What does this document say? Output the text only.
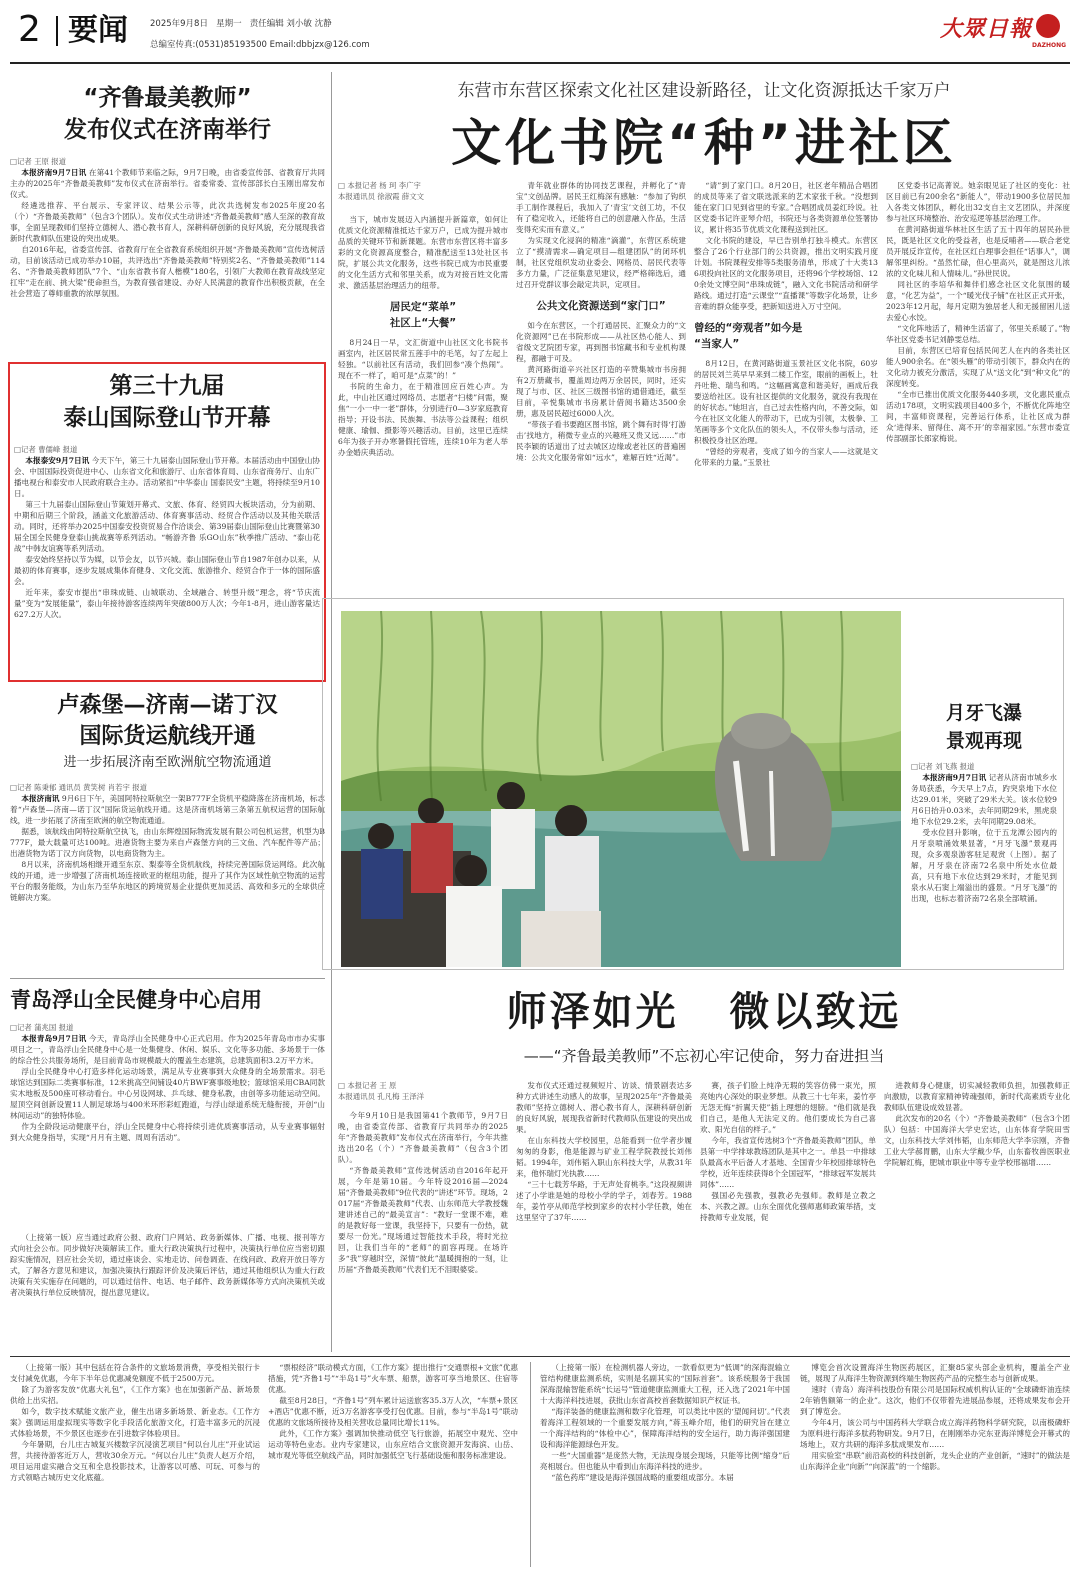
2 要闻	2025年9月8日 星期一 责任编辑 刘小敏 沈静
总编室传真:(0531)85193500 Email:dbbjzx@126.com
大眾日報
DAZHONG
“齐鲁最美教师”
发布仪式在济南举行
□记者 王原 报道

本报济南9月7日讯 在第41个教师节来临之际，9月7日晚，由省委宣传部、省教育厅共同主办的2025年“齐鲁最美教师”发布仪式在济南举行。省委常委、宣传部部长白玉刚出席发布仪式。

经遴选推荐、平台展示、专家评议、结果公示等，此次共选树发布2025年度20名（个）“齐鲁最美教师”（包含3个团队）。发布仪式生动讲述“齐鲁最美教师”感人至深的教育故事，全面呈现教师们坚持立德树人、潜心教书育人，深耕科研创新的良好风貌，充分展现我省新时代教师队伍建设的突出成果。

自2016年起，省委宣传部、省教育厅在全省教育系统组织开展“齐鲁最美教师”宣传选树活动，目前该活动已成功举办10届，共评选出“齐鲁最美教师”特别奖2名、“齐鲁最美教师”114名、“齐鲁最美教师团队”7个、“山东省教书育人楷模”180名，引领广大教师在教育战线坚定扛牢“走在前、挑大梁”使命担当，为教育强省建设、办好人民满意的教育作出积极贡献，在全社会营造了尊师重教的浓厚氛围。

第三十九届
泰山国际登山节开幕
□记者 曹儒峰 报道

本报泰安9月7日讯 今天下午，第三十九届泰山国际登山节开幕。本届活动由中国登山协会、中国国际投资促进中心、山东省文化和旅游厅、山东省体育局、山东省商务厅、山东广播电视台和泰安市人民政府联合主办。活动紧扣“中华泰山 国泰民安”主题，将持续至9月10日。

第三十九届泰山国际登山节策划开幕式、文旅、体育、经贸四大板块活动，分为前期、中期和后期三个阶段，涵盖文化旅游活动、体育赛事活动、经贸合作活动以及其他关联活动。同时，还将举办2025中国泰安投资贸易合作洽谈会、第39届泰山国际登山比赛暨第30届全国全民健身登泰山挑战赛等系列活动。“畅游齐鲁 乐GO山东”秋季推广活动、“泰山花战”中韩友谊赛等系列活动。

泰安始终坚持以节为媒，以节会友，以节兴城。泰山国际登山节自1987年创办以来，从最初的体育赛事，逐步发展成集体育健身、文化交流、旅游推介、经贸合作于一体的国际盛会。

近年来，泰安市提出“串珠成链、山城联动、全域融合、转型升级”理念，将“节庆流量”变为“发展能量”，泰山年接待游客连续两年突破800万人次；今年1-8月，进山游客量达627.2万人次。

卢森堡—济南—诺丁汉
国际货运航线开通
进一步拓展济南至欧洲航空物流通道
□记者 陈秉郁 通讯员 黄笑树 肖若宇 报道

本报济南讯 9月6日下午，美国阿特拉斯航空一架B777F全货机平稳降落在济南机场，标志着“卢森堡—济南—诺丁汉”国际货运航线开通。这是济南机场第三条第五航权运营的国际航线，进一步拓展了济南至欧洲的航空物流通道。

据悉，该航线由阿特拉斯航空执飞，由山东辉煌国际物流发展有限公司包机运营，机型为B777F，最大载量可达100吨。进港货物主要为来自卢森堡方向的三文鱼、汽车配件等产品；出港货物为诺丁汉方向货物，以电商货物为主。

8月以来，济南机场相继开通至东京、梨泰等全货机航线，持续完善国际货运网络。此次航线的开通，进一步增强了济南机场连接欧亚的枢纽功能，提升了其作为区域性航空物流的运营平台的服务能级，为山东乃至华东地区的跨境贸易企业提供更加灵活、高效和多元的全球供应链解决方案。

青岛浮山全民健身中心启用
□记者 蒲兆国 报道

本报青岛9月7日讯 今天，青岛浮山全民健身中心正式启用。作为2025年青岛市市办实事项目之一，青岛浮山全民健身中心是一处集健身、休闲、娱乐、文化等多功能、多场景于一体的综合性公共服务场所，是目前青岛市规模最大的覆盖生态建筑，总建筑面积3.2万平方米。

浮山全民健身中心打造多样化运动场景，满足从专业赛事到大众健身的全场景需求。羽毛球馆达到国际二类赛事标准，12米挑高空间铺设40片BWF赛事级地胶；篮球馆采用CBA同款实木地板及500座可移动看台。中心另设网球、乒乓球、健身私教，由创等多功能运动空间。屋顶空间创新设置11人制足球场与400米环形彩虹跑道，与浮山绿道系统无缝衔接，开创“山林间运动”的独特体验。

作为全龄段运动健康平台，浮山全民健身中心将持续引进优质赛事活动，从专业赛事辐射到大众健身指导，实现“月月有主题、周周有活动”。

（上接第一版）应当通过政府公报、政府门户网站、政务新媒体、广播、电视、报刊等方式向社会公布。同步做好决策解读工作。重大行政决策执行过程中，决策执行单位应当密切跟踪实施情况，回应社会关切，通过座谈会、实地走访、问卷调查、在线问政、政府开放日等方式，了解各方意见和建议，加强决策执行跟踪评价及决策后评估，通过其他组织认为重大行政决策有关实施存在问题的，可以通过信件、电话、电子邮件、政务新媒体等方式向决策机关或者决策执行单位反映情况，提出意见建议。

东营市东营区探索文化社区建设新路径，让文化资源抵达千家万户
文化书院“种”进社区
□ 本报记者 杨 珂 李广宇
本报通讯员 徐淑霞 薛文文

当下，城市发展迈入内涵提升新篇章，如何让优质文化资源精准抵达千家万户，已成为提升城市品质的关键环节和新课题。东营市东营区将丰富多彩的文化资源高度整合，精准配送至13处社区书院，扩展公共文化服务，这些书院已成为市民重要的文化生活方式和邻里关系，成为对接百姓文化需求、激活基层治理活力的纽带。

居民定“菜单”
社区上“大餐”

8月24日一早，文汇街道中山社区文化书院书画室内，社区居民常五莲手中的毛笔，勾了左起上轻独。“以前社区有活动，我们回参“凑个热闹”。现在不一样了，咱可是“点菜”的！”

书院的生命力，在于精准回应百姓心声。为此，中山社区通过网络员、志愿者“扫楼”问需，聚焦“一小一中一老”群体，分别进行0—3岁家庭教育指导；开设书法、民族舞、书法等公益课程；组织健康、瑜伽、摄影等兴趣活动。目前，这里已连续6年为孩子开办寒暑假托管班，连续10年为老人举办金婚庆典活动。

青年就业群体的协同技艺课程，并孵化了“青宝”文创品牌。居民王红梅深有感触：“参加了钩织手工制作课程后，我加入了‘青宝’文创工坊，不仅有了稳定收入，还能将自己的创意融入作品，生活变得充实而有意义。”

为实现文化浸润的精准“滴灌”，东营区系统建立了“摸清需求—确定项目—组建团队”的闭环机制，社区党组织发动业委会、网格员、居民代表等多方力量，广泛征集意见建议，经严格筛选后，通过召开党群议事会敲定共识，定项目。

公共文化资源送到“家门口”

如今在东营区，一个打通居民、汇聚众力的“文化资源网”已在书院形成——从社区热心能人、到省级文艺院团专家，再到图书馆藏书和专业机构课程，都融于可及。

黄河路街道辛兴社区打造的辛赞集城市书房拥有2万册藏书，覆盖周边两万余居民，同时，还实现了与市、区、社区三级图书馆的通借通还，截至目前，辛悦集城市书房累计借阅书籍达3500余册，惠及居民超过6000人次。

“带孩子看书要跑区图书馆，跳个舞有时得‘打游击’找地方，稍微专业点的兴趣班又贵又远……”市民李颖的话道出了过去城区边缘或老社区的普遍困境：公共文化服务常如“远水”，难解百姓“近渴”。

“请”到了家门口。8月20日，社区老年精品合唱团的成员等来了省文联选派来的艺术家张千秋。“没想到能在家门口见到省里的专家。”合唱团成员姜红玲说。社区党委书记许亚琴介绍，书院还与各类资源单位签署协议，累计将35节优质文化课程送到社区。

文化书院的建设，早已告别单打独斗模式。东营区整合了26个行业部门的公共资源，推出文明实践月度计划。书院课程安排等5类服务清单，形成了十大类136项投向社区的文化服务项目，还将96个学校场馆、120余处文博空间“串珠成链”，融入文化书院活动和研学路线。通过打造“云课堂”“直播课”等数字化场景，让乡音难的群众能享受，把新知送进入万寸空间。

曾经的“旁观者”如今是
“当家人”

8月12日，在黄河路街道玉景社区文化书院，60岁的居民刘兰英早早来到二楼工作室，眼前的画板上，牡丹吐艳、瑞鸟和鸣。“这幅画寓意和谐美好，画成后我要送给社区。设有社区提供的文化服务，就没有我现在的好状态。”她坦言，自己过去性格内向，不善交际，如今在社区文化能人的带动下，已成为引领，太极拳、工笔画等多个文化队伍的领头人，不仅带头参与活动，还积极投身社区治理。

“曾经的旁观者，变成了如今的当家人——这就是文化带来的力量。”玉景社

区党委书记高菁说。她亲眼见证了社区的变化：社区目前已有200余名“新能人”，带动1900多位居民加入各类文体团队，孵化出32支自主文艺团队，并深度参与社区环境整治、治安巡逻等基层治理工作。

在黄河路街道华林社区生活了五十四年的居民孙世民，既是社区文化的受益者，也是反哺者——联合老党员开展反诈宣传，在社区红白理事会担任“话事人”，调解邻里纠纷。“虽然忙碌，但心里高兴，就是图这儿浓浓的文化味儿和人情味儿。”孙世民说。

同社区的李培华和舞伴们感念社区文化氛围的暖意，“化艺为益”，一个“暖光伐子铺”在社区正式开张，2023年12月起，每月定期为独居老人和无援留困儿送去爱心水饺。

“文化阵地活了，精神生活富了，邻里关系暖了。”物华社区党委书记刘静雯总结。

目前，东营区已培育包括民间艺人在内的各类社区能人900余名。在“领头雁”的带动引领下，群众内在的文化动力被充分激活，实现了从“送文化”到“种文化”的深度转变。

“全市已推出优质文化服务440多项，文化惠民重点活动178项，文明实践项目400多个，不断优化阵地空间，丰富师资课程，完善运行体系，让社区成为群众‘进得来、留得住、离不开’的幸福家园。”东营市委宣传部副部长郎家梅说。

月牙飞瀑
景观再现
□记者 刘飞燕 报道

本报济南9月7日讯 记者从济南市城乡水务局获悉，今天早上7点，趵突泉地下水位达29.01米，突破了29米大关。该水位较9月6日抬升0.03米，去年同期29米，黑虎泉地下水位29.2米，去年同期29.08米。

受水位回升影响，位于五龙潭公园内的月牙泉喷涌效果显著，“月牙飞瀑”景观再现，众多观泉游客驻足观赏（上图）。据了解，月牙泉在济南72名泉中所处水位最高，只有地下水位达到29米时，才能见到泉水从石窦上端溢出的盛景。“月牙飞瀑”的出现，也标志着济南72名泉全部喷涌。

师泽如光 微以致远
——“齐鲁最美教师”不忘初心牢记使命，努力奋进担当
□ 本报记者 王 原
本报通讯员 孔凡梅 王泽洋

今年9月10日是我国第41个教师节，9月7日晚，由省委宣传部、省教育厅共同举办的2025年“齐鲁最美教师”发布仪式在济南举行，今年共推选出20名（个）“齐鲁最美教师”（包含3个团队）。

“齐鲁最美教师”宣传选树活动自2016年起开展，今年是第10届。今年特设2016届—2024届“齐鲁最美教师”9位代表的“讲述”环节。现场，2017届“齐鲁最美教师”代表、山东师范大学教授魏建讲述自己的“最美宣言”：“教好一堂课不难，难的是教好每一堂课，我坚持下，只要有一份热，就要尽一份光。”现场通过智能技术手段，将时光拉回，让我们当年的“老师”的面容再现。在场许多“我”穿越时空，深情“彼此”温暖拥抱的一刻，让历届“齐鲁最美教师”代表们无不泪眼婆娑。

发布仪式还通过视频短片、访谈、情景剧表达多种方式讲述生动感人的故事，呈现2025年“齐鲁最美教师”坚持立德树人、潜心教书育人，深耕科研创新的良好风貌，展现我省新时代教师队伍建设的突出成果。

在山东科技大学校园里，总能看到一位学者步履匆匆的身影，他是能源与矿业工程学院教授长刘伟韬。1994年，刘伟韬入职山东科技大学，从教31年来，他怀瑞灯光执教……

“三十七载芳华路，于无声处育桃李。”这段视频讲述了小学谁是她的母校小学的学子，刘春芳。1988年，姜竹亭从师范学校到家乡的农村小学任教，她在这里坚守了37年……

赛，孩子们脸上纯净无瑕的笑容仿佛一束光，照亮她内心深处的职业梦想。从教三十七年来，姜竹亭无怨无悔“折翼天使”插上理想的翅膀。“他们就是我们自己，是他人无法定义的。他们要成长为自己喜欢、阳光自信的样子。”

今年，我省宣传选树3个“齐鲁最美教师”团队，单县第一中学排球教练团队是其中之一。单县一中排球队最高水平后备人才基地、全国青少年校园排球特色学校，近年连续获得8个全国冠军，“排球冠军发展共同体”……

强国必先强教，强教必先强师。教师是立教之本、兴教之源。山东全面优化强师惠师政策举措，支持教师专业发展，促

进教师身心健康，切实减轻教师负担，加强教师正向激励，以教育家精神铸魂强师，新时代高素质专业化教师队伍建设成效显著。

此次发布的20名（个）“齐鲁最美教师”（包含3个团队）包括：中国海洋大学史宏达，山东体育学院田雪文，山东科技大学刘伟韬，山东师范大学李宗刚，齐鲁工业大学郝胃鹏，山东大学戴少华，山东畜牧兽医职业学院解红梅，肥城市职业中等专业学校邢福增……

（上接第一版）其中包括在符合条件的文旅场景消费，享受相关银行卡支付减免优惠，今年下半年总优惠减免额度不低于2500万元。

除了为游客发放“优惠大礼包”，《工作方案》也在加强新产品、新场景供给上出实招。

如今，数字技术赋能文旅产业，催生出诸多新场景、新业态。《工作方案》强调运用虚拟现实等数字化手段活化旅游文化，打造丰富多元的沉浸式体验场景，不少景区也逐步在引进数字体验项目。

今年暑期，台儿庄古城复兴楼数字沉浸演艺项目“何以台儿庄”开业试运营，共接待游客近万人，营收30余万元。“何以台儿庄”负责人赵万介绍，项目运用虚实融合交互和全息投影技术，让游客以可感、可玩、可参与的方式领略古城历史文化底蕴。

“票根经济”联动模式方面，《工作方案》提出推行“交通票根+文旅”优惠措施，凭“齐鲁1号”“半岛1号”火车票、船票，游客可享当地景区、住宿等优惠。

截至8月28日，“齐鲁1号”列车累计运送旅客35.3万人次，“车票+景区+酒店”优惠不断，近3万名游客享受打包优惠。目前，参与“半岛1号”联动优惠的文旅场所接待及相关营收总量同比增长11%。

此外，《工作方案》强调加快推动低空飞行旅游，拓展空中观光、空中运动等特色业态。业内专家建议，山东应结合文旅资源开发海滨、山岳、城市观光等低空航线产品，同时加强低空飞行基础设施和服务标准建设。

（上接第一版）在检测机器人旁边，一款看似更为“低调”的深海混输立管结构健康监测系统，实则是名副其实的“国际首套”。该系统服务于我国深海混输智能系统“长运号”管道健康监测重大工程，还入选了2021年中国十大海洋科技进展，获批山东省高校首套数据知识产权证书。

“海洋装备的健康监测和数字化管理，可以类比中医的‘望闻问切’。”代表着海洋工程领域的一个重要发展方向，”蒋玉峰介绍，他们的研究旨在建立一个海洋结构的“体检中心”，保障海洋结构的安全运行，助力海洋强国建设和海洋能源绿色开发。

一些“大国重器”是庞然大物，无法现身展会现场，只能等比例“缩身”后亮相展台。但也能从中看到山东海洋科技的进步。

“蓝色药库”建设是海洋强国战略的重要组成部分。本届

博览会首次设置海洋生物医药展区，汇聚85家头部企业机构，覆盖全产业链，展现了从海洋生物资源到终端生物医药产品的完整生态与创新成果。

速时（青岛）海洋科技股份有限公司是国际权威机构认证的“全球磷虾油连续2年销售额第一的企业”。这次，他们不仅带着先进展品参展，还将成果发布会开到了博览会。

今年4月，该公司与中国药科大学联合成立海洋药物科学研究院，以南极磷虾为原料进行海洋多肽药物研发。9月7日，在刚刚举办完东亚海洋博览会开幕式的场地上，双方共研的海洋多肽成果发布……

用实验室“串联”前沿高校的科技创新，龙头企业的产业创新，“速时”的做法是山东海洋企业“向新”“向深蓝”的一个缩影。
